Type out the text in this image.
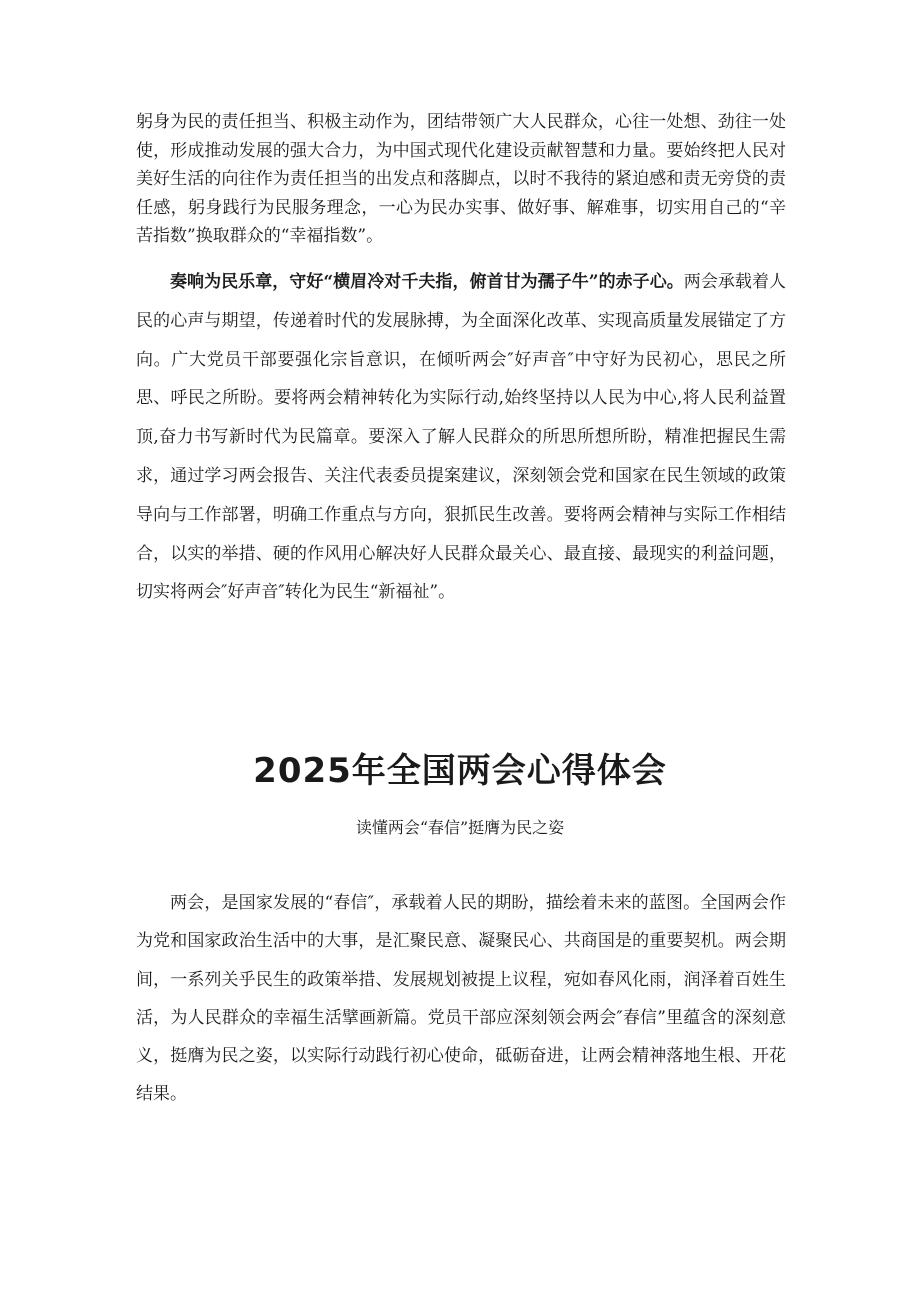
躬身为民的责任担当、积极主动作为，团结带领广大人民群众，心往一处想、劲往一处使，形成推动发展的强大合力，为中国式现代化建设贡献智慧和力量。要始终把人民对美好生活的向往作为责任担当的出发点和落脚点，以时不我待的紧迫感和责无旁贷的责任感，躬身践行为民服务理念，一心为民办实事、做好事、解难事，切实用自己的“辛苦指数”换取群众的“幸福指数”。

奏响为民乐章，守好“横眉冷对千夫指，俯首甘为孺子牛”的赤子心。两会承载着人民的心声与期望，传递着时代的发展脉搏，为全面深化改革、实现高质量发展锚定了方向。广大党员干部要强化宗旨意识，在倾听两会″好声音″中守好为民初心，思民之所思、呼民之所盼。要将两会精神转化为实际行动,始终坚持以人民为中心,将人民利益置顶,奋力书写新时代为民篇章。要深入了解人民群众的所思所想所盼，精准把握民生需求，通过学习两会报告、关注代表委员提案建议，深刻领会党和国家在民生领域的政策导向与工作部署，明确工作重点与方向，狠抓民生改善。要将两会精神与实际工作相结合，以实的举措、硬的作风用心解决好人民群众最关心、最直接、最现实的利益问题，切实将两会″好声音″转化为民生“新福祉”。

2025年全国两会心得体会
读懂两会“春信”挺膺为民之姿

两会，是国家发展的“春信″，承载着人民的期盼，描绘着未来的蓝图。全国两会作为党和国家政治生活中的大事，是汇聚民意、凝聚民心、共商国是的重要契机。两会期间，一系列关乎民生的政策举措、发展规划被提上议程，宛如春风化雨，润泽着百姓生活，为人民群众的幸福生活擘画新篇。党员干部应深刻领会两会″春信”里蕴含的深刻意义，挺膺为民之姿，以实际行动践行初心使命，砥砺奋进，让两会精神落地生根、开花结果。
